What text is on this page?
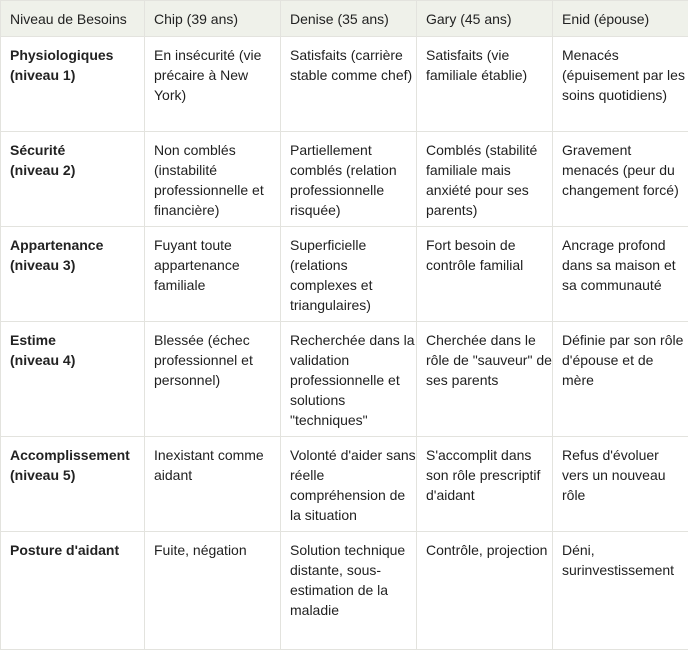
Niveau de Besoins	Chip (39 ans)	Denise (35 ans)	Gary (45 ans)	Enid (épouse)

Physiologiques
(niveau 1)	En insécurité (vie précaire à New York)	Satisfaits (carrière stable comme chef)	Satisfaits (vie familiale établie)	Menacés (épuisement par les soins quotidiens)

Sécurité
(niveau 2)	Non comblés (instabilité professionnelle et financière)	Partiellement comblés (relation professionnelle risquée)	Comblés (stabilité familiale mais anxiété pour ses parents)	Gravement menacés (peur du changement forcé)

Appartenance
(niveau 3)	Fuyant toute appartenance familiale	Superficielle (relations complexes et triangulaires)	Fort besoin de contrôle familial	Ancrage profond dans sa maison et sa communauté

Estime
(niveau 4)	Blessée (échec professionnel et personnel)	Recherchée dans la validation professionnelle et solutions "techniques"	Cherchée dans le rôle de "sauveur" de ses parents	Définie par son rôle d'épouse et de mère

Accomplissement
(niveau 5)	Inexistant comme aidant	Volonté d'aider sans réelle compréhension de la situation	S'accomplit dans son rôle prescriptif d'aidant	Refus d'évoluer vers un nouveau rôle

Posture d'aidant	Fuite, négation	Solution technique distante, sous-estimation de la maladie	Contrôle, projection	Déni, surinvestissement
